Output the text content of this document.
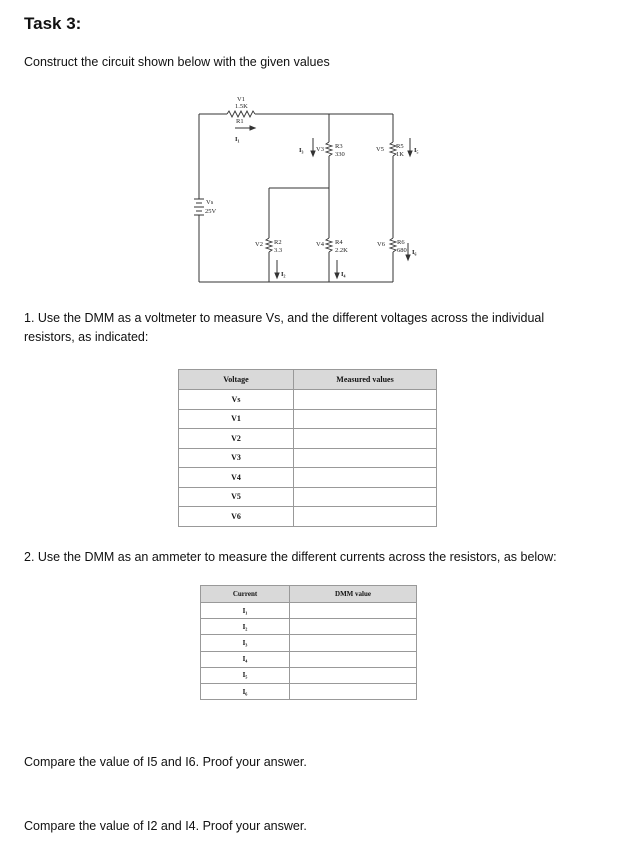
Task 3:
Construct the circuit shown below with the given values
V1
1.5K
R1
I₁
I₃ V3 R3
330
V5 R5
1K
I₅
Vs
25V
V2 R2
3.3
I₂
V4 R4
2.2K
I₄
V6 R6
680 I₆
1. Use the DMM as a voltmeter to measure Vs, and the different voltages across the individual resistors, as indicated:
Voltage	Measured values
Vs	
V1	
V2	
V3	
V4	
V5	
V6	
2. Use the DMM as an ammeter to measure the different currents across the resistors, as below:
Current	DMM value
I₁	
I₂	
I₃	
I₄	
I₅	
I₆	
Compare the value of I5 and I6. Proof your answer.
Compare the value of I2 and I4. Proof your answer.
